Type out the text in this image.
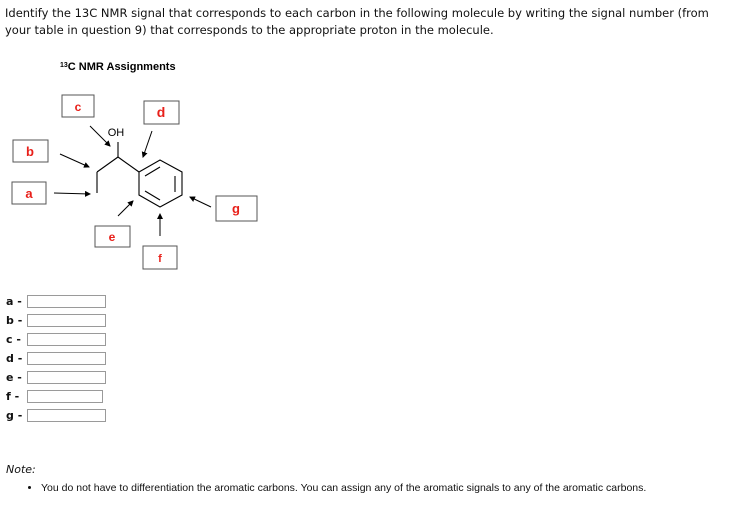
Identify the 13C NMR signal that corresponds to each carbon in the following molecule by writing the signal number (from your table in question 9) that corresponds to the appropriate proton in the molecule.

$^{13}$C NMR Assignments
c	d
b
a
e
f
g
OH
a -
b -
c -
d -
e -
f -
g -

Note:

• You do not have to differentiation the aromatic carbons. You can assign any of the aromatic signals to any of the aromatic carbons.
